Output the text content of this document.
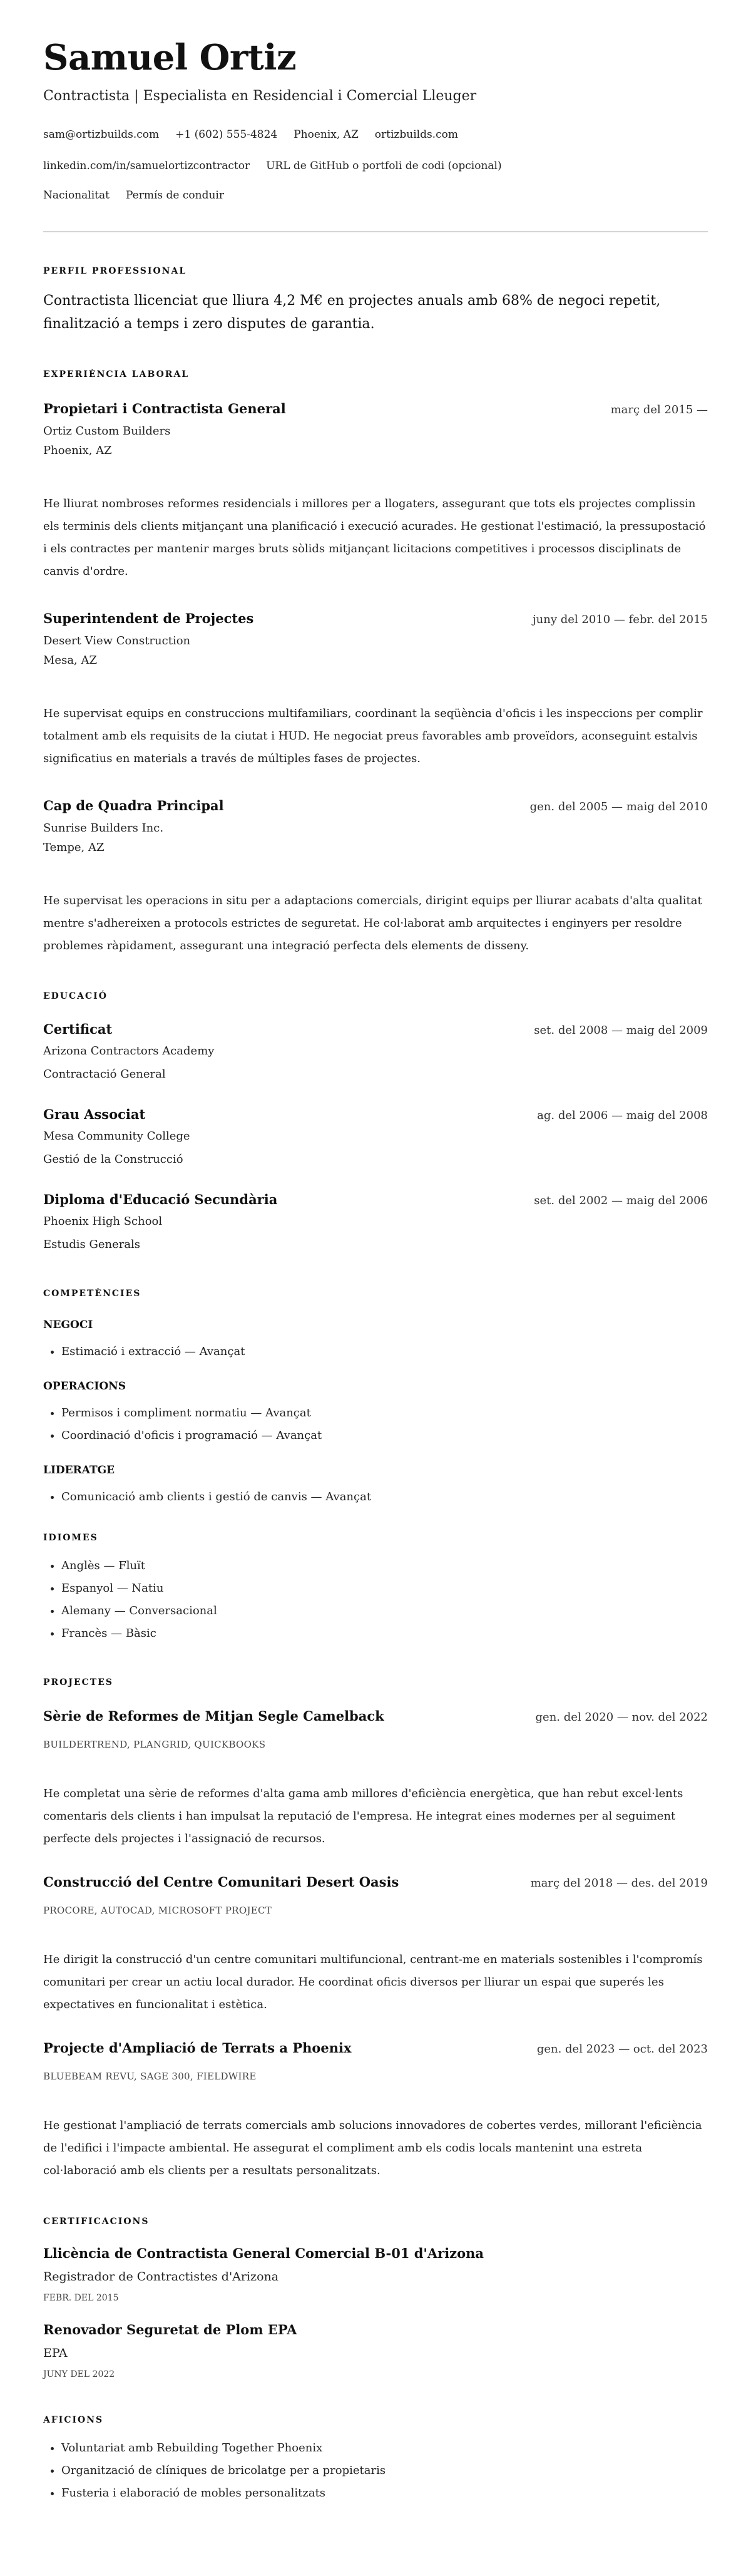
Samuel Ortiz
Contractista | Especialista en Residencial i Comercial Lleuger
sam@ortizbuilds.com +1 (602) 555-4824 Phoenix, AZ ortizbuilds.com
linkedin.com/in/samuelortizcontractor URL de GitHub o portfoli de codi (opcional)
Nacionalitat Permís de conduir
PERFIL PROFESSIONAL
Contractista llicenciat que lliura 4,2 M€ en projectes anuals amb 68% de negoci repetit, finalització a temps i zero disputes de garantia.
EXPERIÈNCIA LABORAL
Propietari i Contractista General	març del 2015 —
Ortiz Custom Builders
Phoenix, AZ
He lliurat nombroses reformes residencials i millores per a llogaters, assegurant que tots els projectes complissin els terminis dels clients mitjançant una planificació i execució acurades. He gestionat l'estimació, la pressupostació i els contractes per mantenir marges bruts sòlids mitjançant licitacions competitives i processos disciplinats de canvis d'ordre.
Superintendent de Projectes	juny del 2010 — febr. del 2015
Desert View Construction
Mesa, AZ
He supervisat equips en construccions multifamiliars, coordinant la seqüència d'oficis i les inspeccions per complir totalment amb els requisits de la ciutat i HUD. He negociat preus favorables amb proveïdors, aconseguint estalvis significatius en materials a través de múltiples fases de projectes.
Cap de Quadra Principal	gen. del 2005 — maig del 2010
Sunrise Builders Inc.
Tempe, AZ
He supervisat les operacions in situ per a adaptacions comercials, dirigint equips per lliurar acabats d'alta qualitat mentre s'adhereixen a protocols estrictes de seguretat. He col·laborat amb arquitectes i enginyers per resoldre problemes ràpidament, assegurant una integració perfecta dels elements de disseny.
EDUCACIÓ
Certificat	set. del 2008 — maig del 2009
Arizona Contractors Academy
Contractació General
Grau Associat	ag. del 2006 — maig del 2008
Mesa Community College
Gestió de la Construcció
Diploma d'Educació Secundària	set. del 2002 — maig del 2006
Phoenix High School
Estudis Generals
COMPETÈNCIES
NEGOCI
• Estimació i extracció — Avançat
OPERACIONS
• Permisos i compliment normatiu — Avançat
• Coordinació d'oficis i programació — Avançat
LIDERATGE
• Comunicació amb clients i gestió de canvis — Avançat
IDIOMES
• Anglès — Fluït
• Espanyol — Natiu
• Alemany — Conversacional
• Francès — Bàsic
PROJECTES
Sèrie de Reformes de Mitjan Segle Camelback	gen. del 2020 — nov. del 2022
BUILDERTREND, PLANGRID, QUICKBOOKS
He completat una sèrie de reformes d'alta gama amb millores d'eficiència energètica, que han rebut excel·lents comentaris dels clients i han impulsat la reputació de l'empresa. He integrat eines modernes per al seguiment perfecte dels projectes i l'assignació de recursos.
Construcció del Centre Comunitari Desert Oasis	març del 2018 — des. del 2019
PROCORE, AUTOCAD, MICROSOFT PROJECT
He dirigit la construcció d'un centre comunitari multifuncional, centrant-me en materials sostenibles i l'compromís comunitari per crear un actiu local durador. He coordinat oficis diversos per lliurar un espai que superés les expectatives en funcionalitat i estètica.
Projecte d'Ampliació de Terrats a Phoenix	gen. del 2023 — oct. del 2023
BLUEBEAM REVU, SAGE 300, FIELDWIRE
He gestionat l'ampliació de terrats comercials amb solucions innovadores de cobertes verdes, millorant l'eficiència de l'edifici i l'impacte ambiental. He assegurat el compliment amb els codis locals mantenint una estreta col·laboració amb els clients per a resultats personalitzats.
CERTIFICACIONS
Llicència de Contractista General Comercial B-01 d'Arizona
Registrador de Contractistes d'Arizona
FEBR. DEL 2015
Renovador Seguretat de Plom EPA
EPA
JUNY DEL 2022
AFICIONS
• Voluntariat amb Rebuilding Together Phoenix
• Organització de clíniques de bricolatge per a propietaris
• Fusteria i elaboració de mobles personalitzats
